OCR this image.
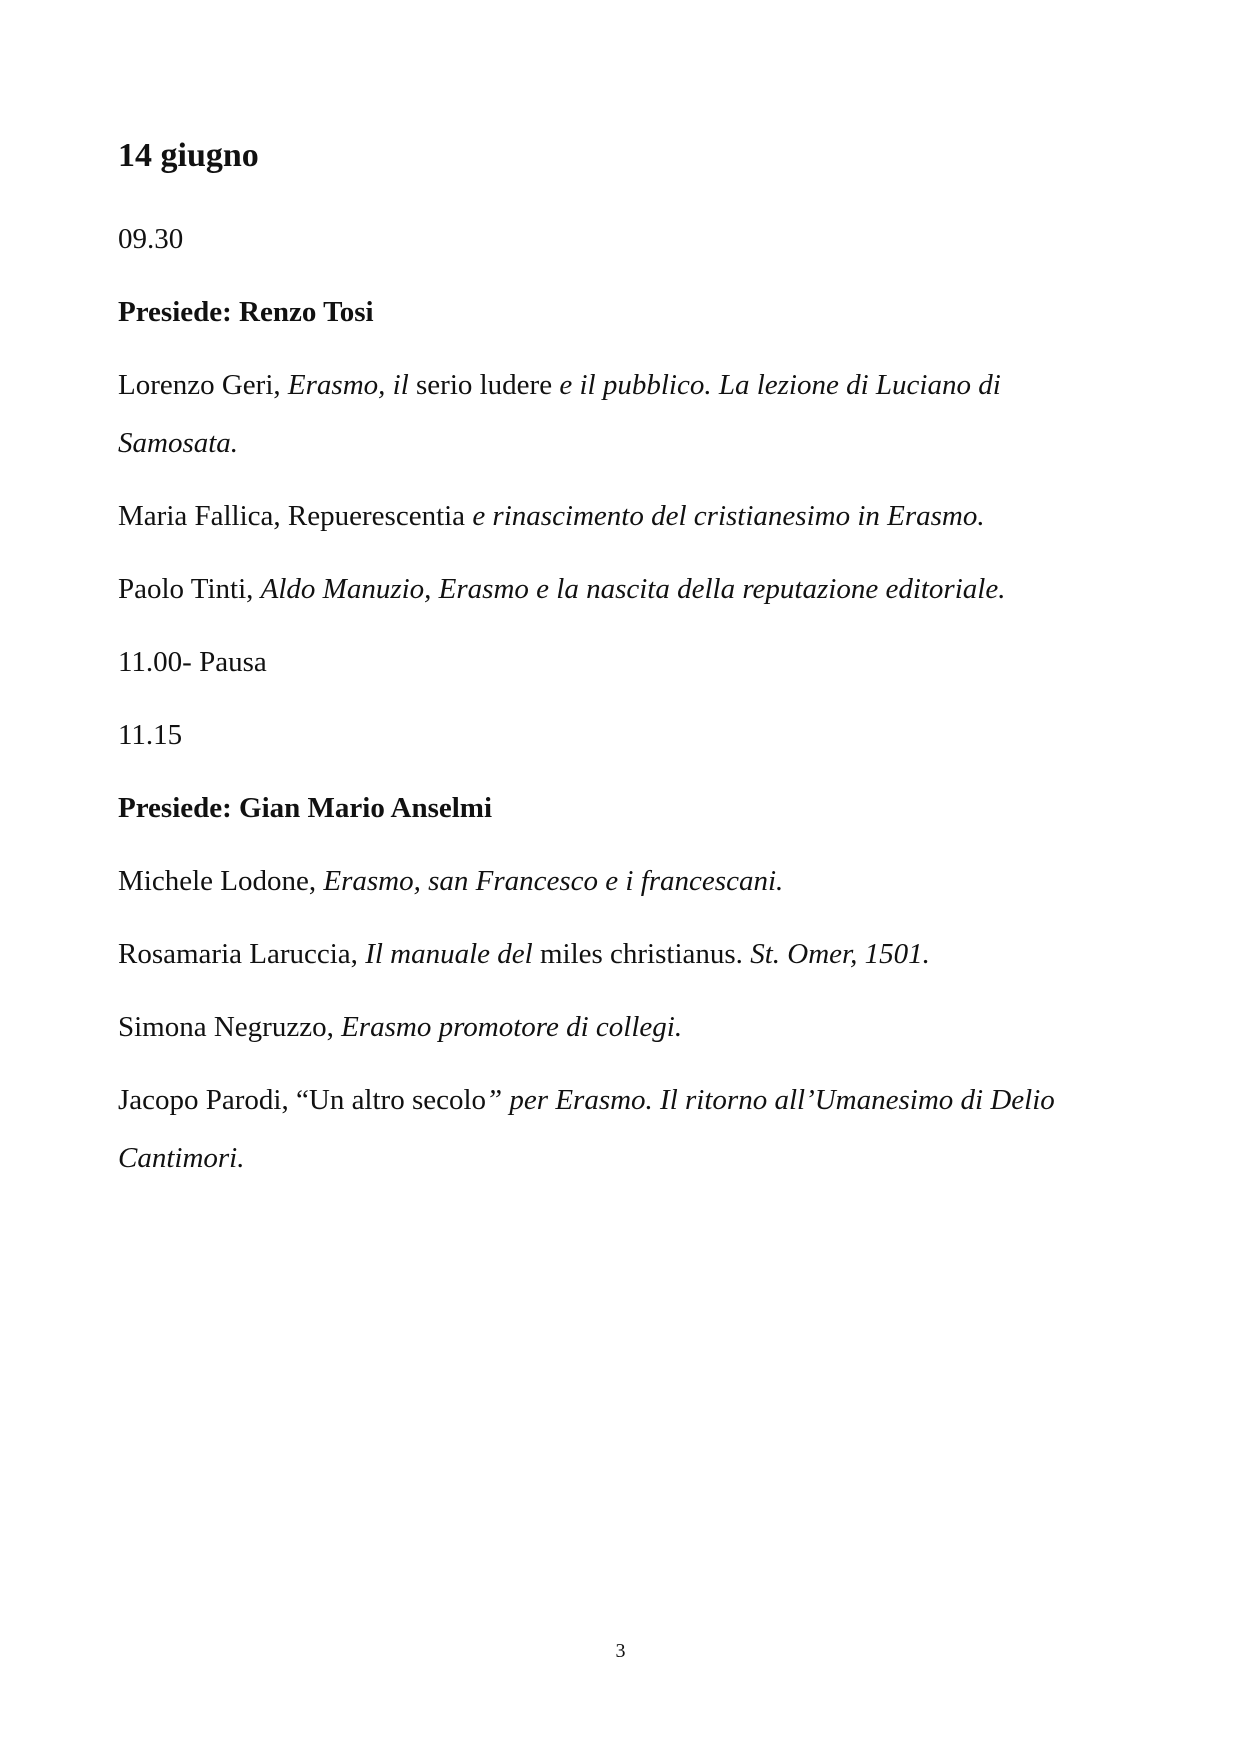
14 giugno
09.30
Presiede: Renzo Tosi
Lorenzo Geri, Erasmo, il serio ludere e il pubblico. La lezione di Luciano di Samosata.
Maria Fallica, Repuerescentia e rinascimento del cristianesimo in Erasmo.
Paolo Tinti, Aldo Manuzio, Erasmo e la nascita della reputazione editoriale.
11.00- Pausa
11.15
Presiede: Gian Mario Anselmi
Michele Lodone, Erasmo, san Francesco e i francescani.
Rosamaria Laruccia, Il manuale del miles christianus. St. Omer, 1501.
Simona Negruzzo, Erasmo promotore di collegi.
Jacopo Parodi, “Un altro secolo” per Erasmo. Il ritorno all’Umanesimo di Delio Cantimori.
3
